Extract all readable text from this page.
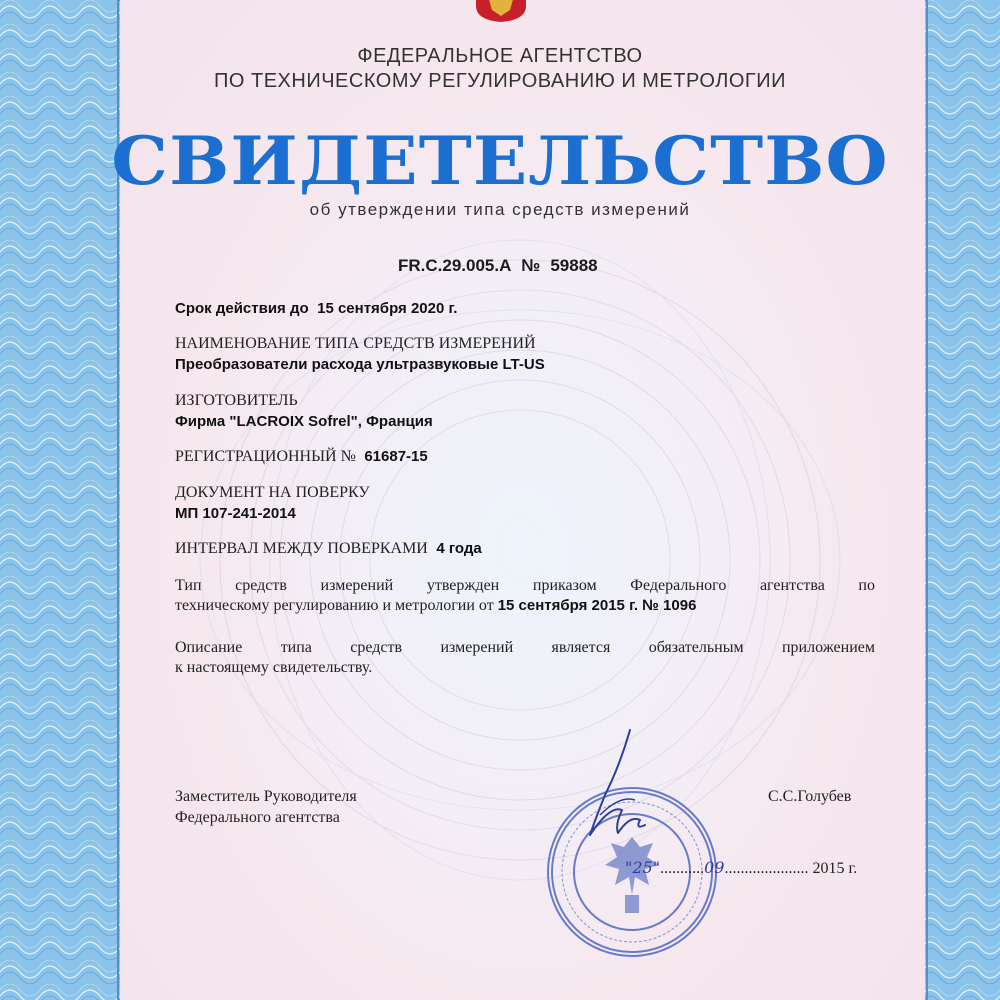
ФЕДЕРАЛЬНОЕ АГЕНТСТВО
ПО ТЕХНИЧЕСКОМУ РЕГУЛИРОВАНИЮ И МЕТРОЛОГИИ
СВИДЕТЕЛЬСТВО
об утверждении типа средств измерений
FR.C.29.005.A № 59888
Срок действия до 15 сентября 2020 г.
НАИМЕНОВАНИЕ ТИПА СРЕДСТВ ИЗМЕРЕНИЙ
Преобразователи расхода ультразвуковые LT-US
ИЗГОТОВИТЕЛЬ
Фирма "LACROIX Sofrel", Франция
РЕГИСТРАЦИОННЫЙ № 61687-15
ДОКУМЕНТ НА ПОВЕРКУ
МП 107-241-2014
ИНТЕРВАЛ МЕЖДУ ПОВЕРКАМИ 4 года
Тип средств измерений утвержден приказом Федерального агентства по
техническому регулированию и метрологии от 15 сентября 2015 г. № 1096
Описание типа средств измерений является обязательным приложением
к настоящему свидетельству.
Заместитель Руководителя
Федерального агентства
С.С.Голубев
"25"...........09..................... 2015 г.
